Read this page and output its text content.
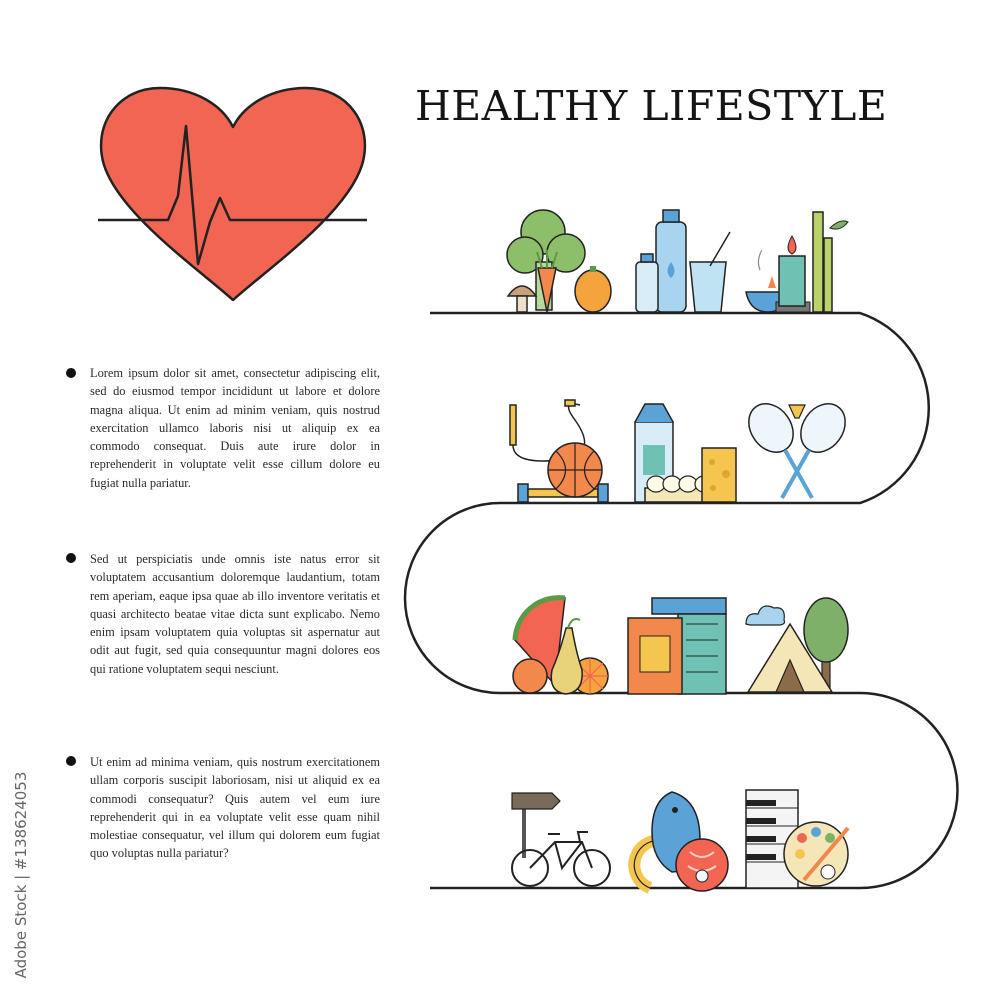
HEALTHY LIFESTYLE

Lorem ipsum dolor sit amet, consectetur adipiscing elit, sed do eiusmod tempor incididunt ut labore et dolore magna aliqua. Ut enim ad minim veniam, quis nostrud exercitation ullamco laboris nisi ut aliquip ex ea commodo consequat. Duis aute irure dolor in reprehenderit in voluptate velit esse cillum dolore eu fugiat nulla pariatur.

Sed ut perspiciatis unde omnis iste natus error sit voluptatem accusantium doloremque laudantium, totam rem aperiam, eaque ipsa quae ab illo inventore veritatis et quasi architecto beatae vitae dicta sunt explicabo. Nemo enim ipsam voluptatem quia voluptas sit aspernatur aut odit aut fugit, sed quia consequuntur magni dolores eos qui ratione voluptatem sequi nesciunt.

Ut enim ad minima veniam, quis nostrum exercitationem ullam corporis suscipit laboriosam, nisi ut aliquid ex ea commodi consequatur? Quis autem vel eum iure reprehenderit qui in ea voluptate velit esse quam nihil molestiae consequatur, vel illum qui dolorem eum fugiat quo voluptas nulla pariatur?

Adobe Stock | #138624053
